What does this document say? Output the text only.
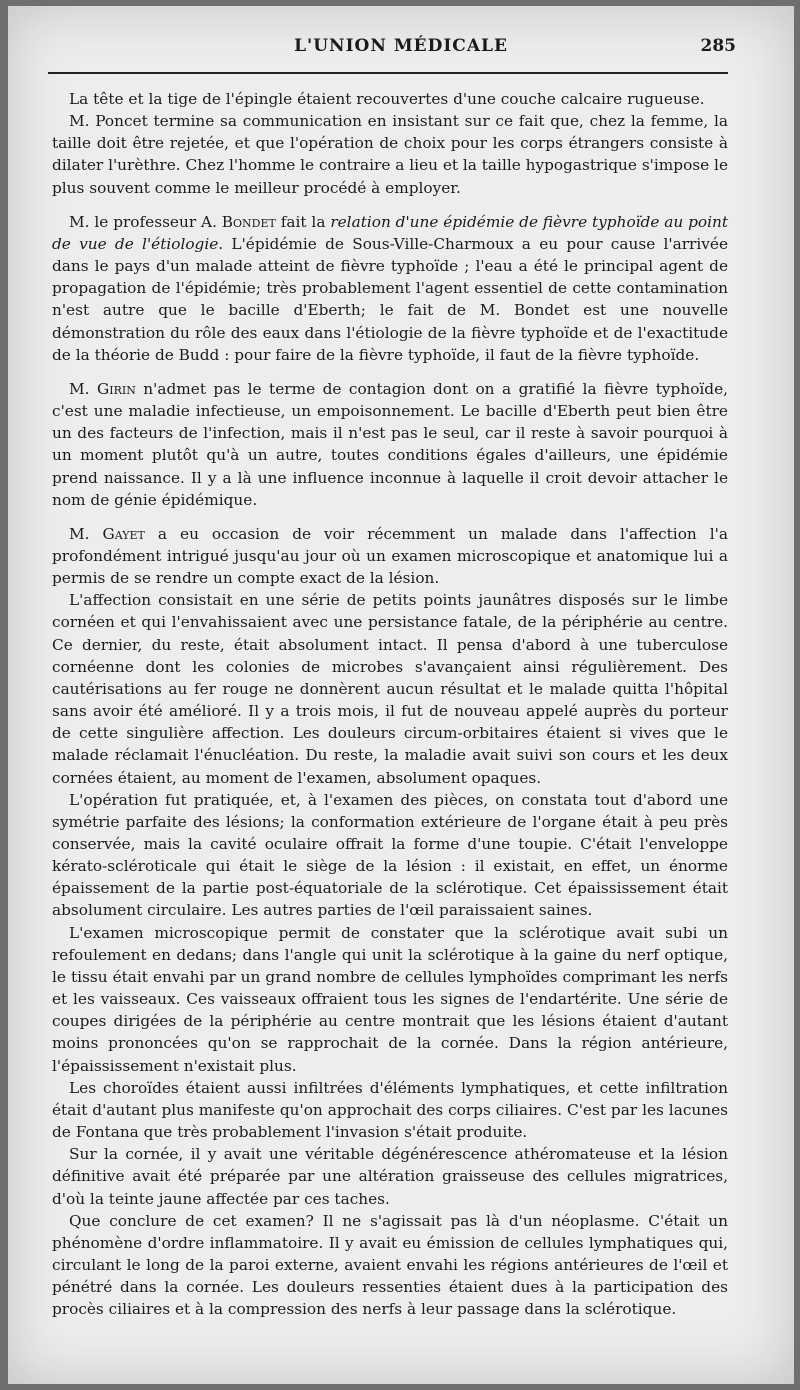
L'UNION MÉDICALE	285

La tête et la tige de l'épingle étaient recouvertes d'une couche calcaire rugueuse.

M. Poncet termine sa communication en insistant sur ce fait que, chez la femme, la taille doit être rejetée, et que l'opération de choix pour les corps étrangers consiste à dilater l'urèthre. Chez l'homme le contraire a lieu et la taille hypogastrique s'impose le plus souvent comme le meilleur procédé à employer.

M. le professeur A. Bondet fait la relation d'une épidémie de fièvre typhoïde au point de vue de l'étiologie. L'épidémie de Sous-Ville-Charmoux a eu pour cause l'arrivée dans le pays d'un malade atteint de fièvre typhoïde ; l'eau a été le principal agent de propagation de l'épidémie; très probablement l'agent essentiel de cette contamination n'est autre que le bacille d'Eberth; le fait de M. Bondet est une nouvelle démonstration du rôle des eaux dans l'étiologie de la fièvre typhoïde et de l'exactitude de la théorie de Budd : pour faire de la fièvre typhoïde, il faut de la fièvre typhoïde.

M. Girin n'admet pas le terme de contagion dont on a gratifié la fièvre typhoïde, c'est une maladie infectieuse, un empoisonnement. Le bacille d'Eberth peut bien être un des facteurs de l'infection, mais il n'est pas le seul, car il reste à savoir pourquoi à un moment plutôt qu'à un autre, toutes conditions égales d'ailleurs, une épidémie prend naissance. Il y a là une influence inconnue à laquelle il croit devoir attacher le nom de génie épidémique.

M. Gayet a eu occasion de voir récemment un malade dans l'affection l'a profondément intrigué jusqu'au jour où un examen microscopique et anatomique lui a permis de se rendre un compte exact de la lésion.

L'affection consistait en une série de petits points jaunâtres disposés sur le limbe cornéen et qui l'envahissaient avec une persistance fatale, de la périphérie au centre. Ce dernier, du reste, était absolument intact. Il pensa d'abord à une tuberculose cornéenne dont les colonies de microbes s'avançaient ainsi régulièrement. Des cautérisations au fer rouge ne donnèrent aucun résultat et le malade quitta l'hôpital sans avoir été amélioré. Il y a trois mois, il fut de nouveau appelé auprès du porteur de cette singulière affection. Les douleurs circum-orbitaires étaient si vives que le malade réclamait l'énucléation. Du reste, la maladie avait suivi son cours et les deux cornées étaient, au moment de l'examen, absolument opaques.

L'opération fut pratiquée, et, à l'examen des pièces, on constata tout d'abord une symétrie parfaite des lésions; la conformation extérieure de l'organe était à peu près conservée, mais la cavité oculaire offrait la forme d'une toupie. C'était l'enveloppe kérato-scléroticale qui était le siège de la lésion : il existait, en effet, un énorme épaissement de la partie post-équatoriale de la sclérotique. Cet épaississement était absolument circulaire. Les autres parties de l'œil paraissaient saines.

L'examen microscopique permit de constater que la sclérotique avait subi un refoulement en dedans; dans l'angle qui unit la sclérotique à la gaine du nerf optique, le tissu était envahi par un grand nombre de cellules lymphoïdes comprimant les nerfs et les vaisseaux. Ces vaisseaux offraient tous les signes de l'endartérite. Une série de coupes dirigées de la périphérie au centre montrait que les lésions étaient d'autant moins prononcées qu'on se rapprochait de la cornée. Dans la région antérieure, l'épaississement n'existait plus.

Les choroïdes étaient aussi infiltrées d'éléments lymphatiques, et cette infiltration était d'autant plus manifeste qu'on approchait des corps ciliaires. C'est par les lacunes de Fontana que très probablement l'invasion s'était produite.

Sur la cornée, il y avait une véritable dégénérescence athéromateuse et la lésion définitive avait été préparée par une altération graisseuse des cellules migratrices, d'où la teinte jaune affectée par ces taches.

Que conclure de cet examen? Il ne s'agissait pas là d'un néoplasme. C'était un phénomène d'ordre inflammatoire. Il y avait eu émission de cellules lymphatiques qui, circulant le long de la paroi externe, avaient envahi les régions antérieures de l'œil et pénétré dans la cornée. Les douleurs ressenties étaient dues à la participation des procès ciliaires et à la compression des nerfs à leur passage dans la sclérotique.
